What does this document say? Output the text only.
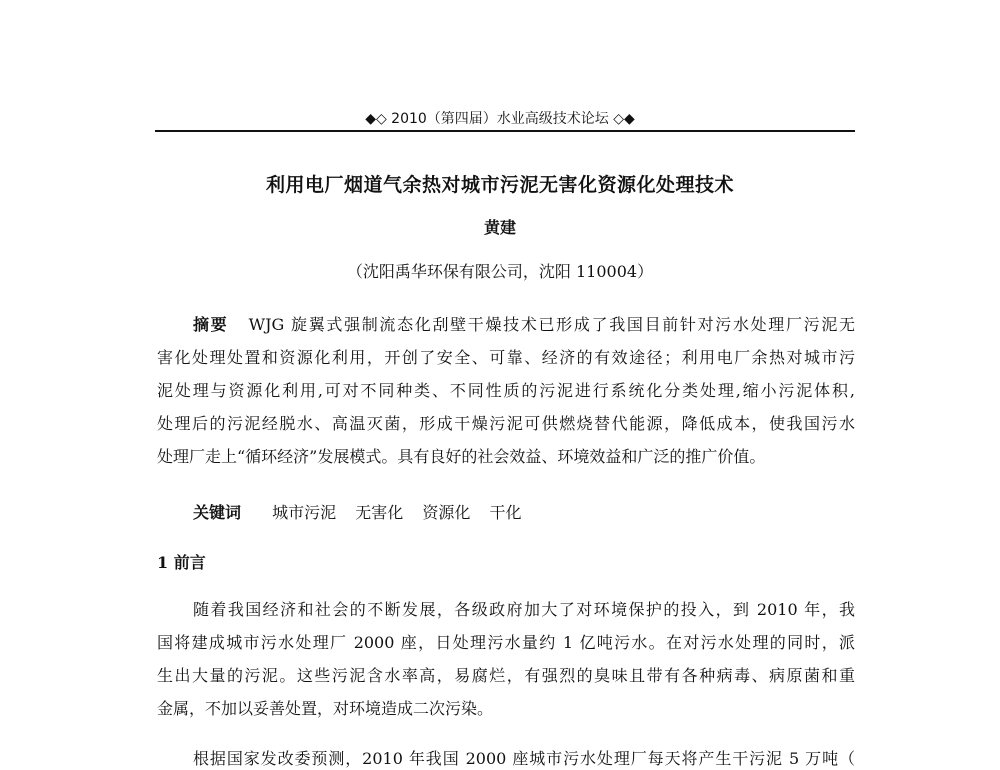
◆◇ 2010（第四届）水业高级技术论坛 ◇◆
利用电厂烟道气余热对城市污泥无害化资源化处理技术
黄建
（沈阳禹华环保有限公司，沈阳 110004）
摘要 WJG 旋翼式强制流态化刮壁干燥技术已形成了我国目前针对污水处理厂污泥无
害化处理处置和资源化利用，开创了安全、可靠、经济的有效途径；利用电厂余热对城市污
泥处理与资源化利用,可对不同种类、不同性质的污泥进行系统化分类处理,缩小污泥体积,
处理后的污泥经脱水、高温灭菌，形成干燥污泥可供燃烧替代能源，降低成本，使我国污水
处理厂走上“循环经济”发展模式。具有良好的社会效益、环境效益和广泛的推广价值。
关键词 城市污泥 无害化 资源化 干化
1 前言
随着我国经济和社会的不断发展，各级政府加大了对环境保护的投入，到 2010 年，我
国将建成城市污水处理厂 2000 座，日处理污水量约 1 亿吨污水。在对污水处理的同时，派
生出大量的污泥。这些污泥含水率高，易腐烂，有强烈的臭味且带有各种病毒、病原菌和重
金属，不加以妥善处置，对环境造成二次污染。
根据国家发改委预测，2010 年我国 2000 座城市污水处理厂每天将产生干污泥 5 万吨（
